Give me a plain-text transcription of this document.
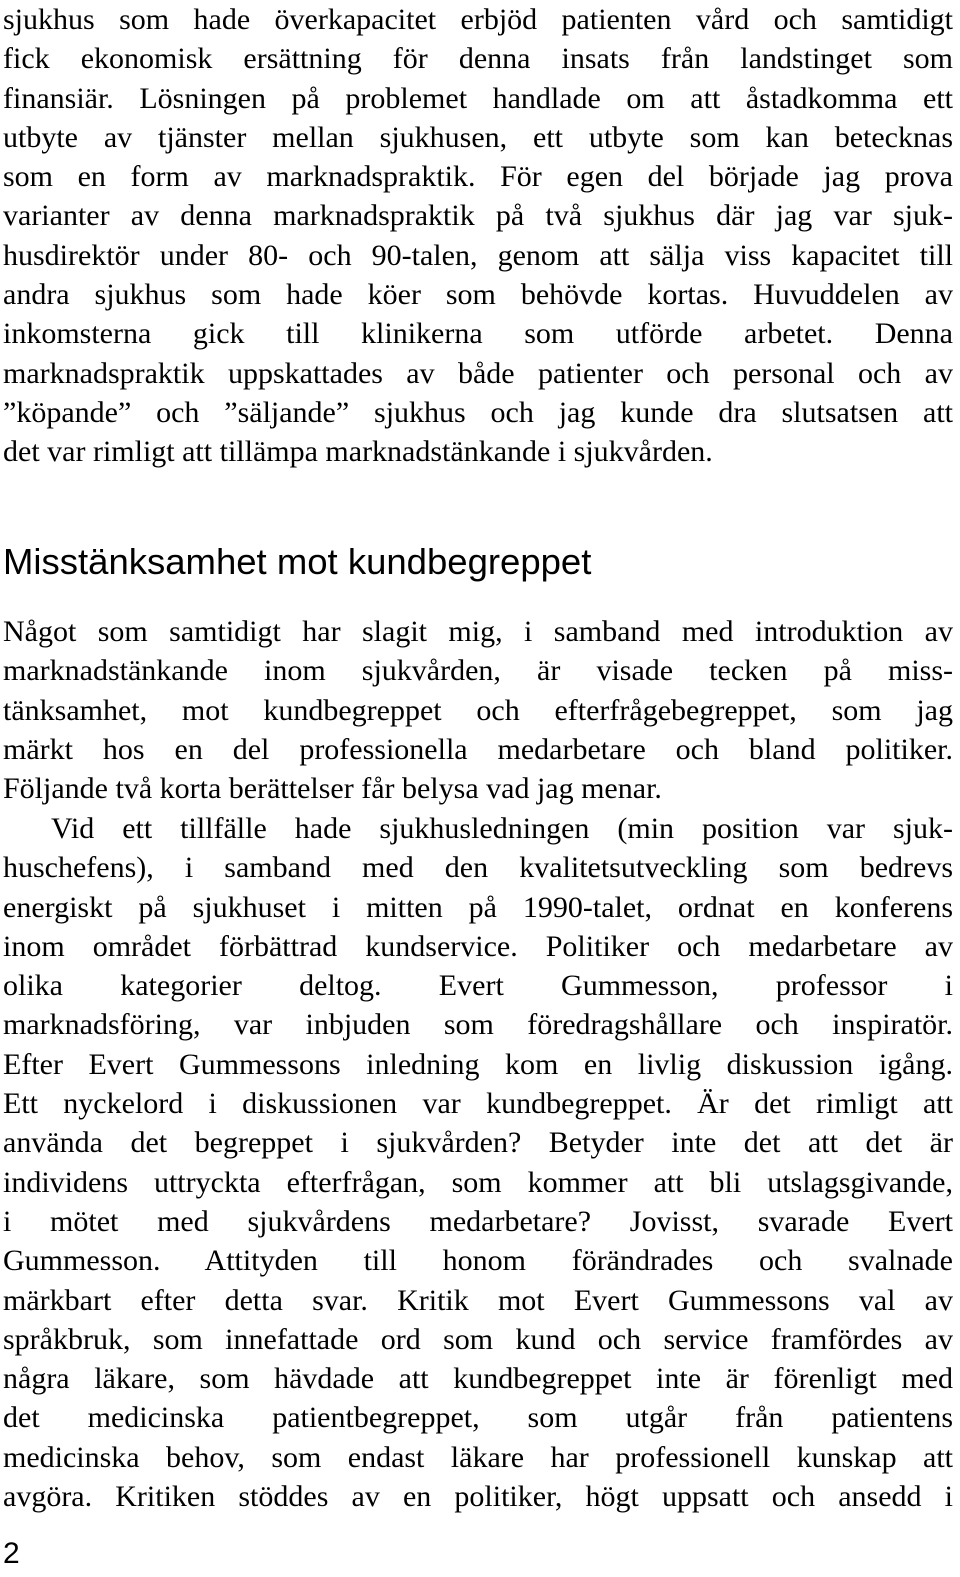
sjukhus som hade överkapacitet erbjöd patienten vård och samtidigt
fick ekonomisk ersättning för denna insats från landstinget som
finansiär. Lösningen på problemet handlade om att åstadkomma ett
utbyte av tjänster mellan sjukhusen, ett utbyte som kan betecknas
som en form av marknadspraktik. För egen del började jag prova
varianter av denna marknadspraktik på två sjukhus där jag var sjuk-
husdirektör under 80- och 90-talen, genom att sälja viss kapacitet till
andra sjukhus som hade köer som behövde kortas. Huvuddelen av
inkomsterna gick till klinikerna som utförde arbetet. Denna
marknadspraktik uppskattades av både patienter och personal och av
”köpande” och ”säljande” sjukhus och jag kunde dra slutsatsen att
det var rimligt att tillämpa marknadstänkande i sjukvården.
Misstänksamhet mot kundbegreppet
Något som samtidigt har slagit mig, i samband med introduktion av
marknadstänkande inom sjukvården, är visade tecken på miss-
tänksamhet, mot kundbegreppet och efterfrågebegreppet, som jag
märkt hos en del professionella medarbetare och bland politiker.
Följande två korta berättelser får belysa vad jag menar.
Vid ett tillfälle hade sjukhusledningen (min position var sjuk-
huschefens), i samband med den kvalitetsutveckling som bedrevs
energiskt på sjukhuset i mitten på 1990-talet, ordnat en konferens
inom området förbättrad kundservice. Politiker och medarbetare av
olika kategorier deltog. Evert Gummesson, professor i
marknadsföring, var inbjuden som föredragshållare och inspiratör.
Efter Evert Gummessons inledning kom en livlig diskussion igång.
Ett nyckelord i diskussionen var kundbegreppet. Är det rimligt att
använda det begreppet i sjukvården? Betyder inte det att det är
individens uttryckta efterfrågan, som kommer att bli utslagsgivande,
i mötet med sjukvårdens medarbetare? Jovisst, svarade Evert
Gummesson. Attityden till honom förändrades och svalnade
märkbart efter detta svar. Kritik mot Evert Gummessons val av
språkbruk, som innefattade ord som kund och service framfördes av
några läkare, som hävdade att kundbegreppet inte är förenligt med
det medicinska patientbegreppet, som utgår från patientens
medicinska behov, som endast läkare har professionell kunskap att
avgöra. Kritiken stöddes av en politiker, högt uppsatt och ansedd i
2
